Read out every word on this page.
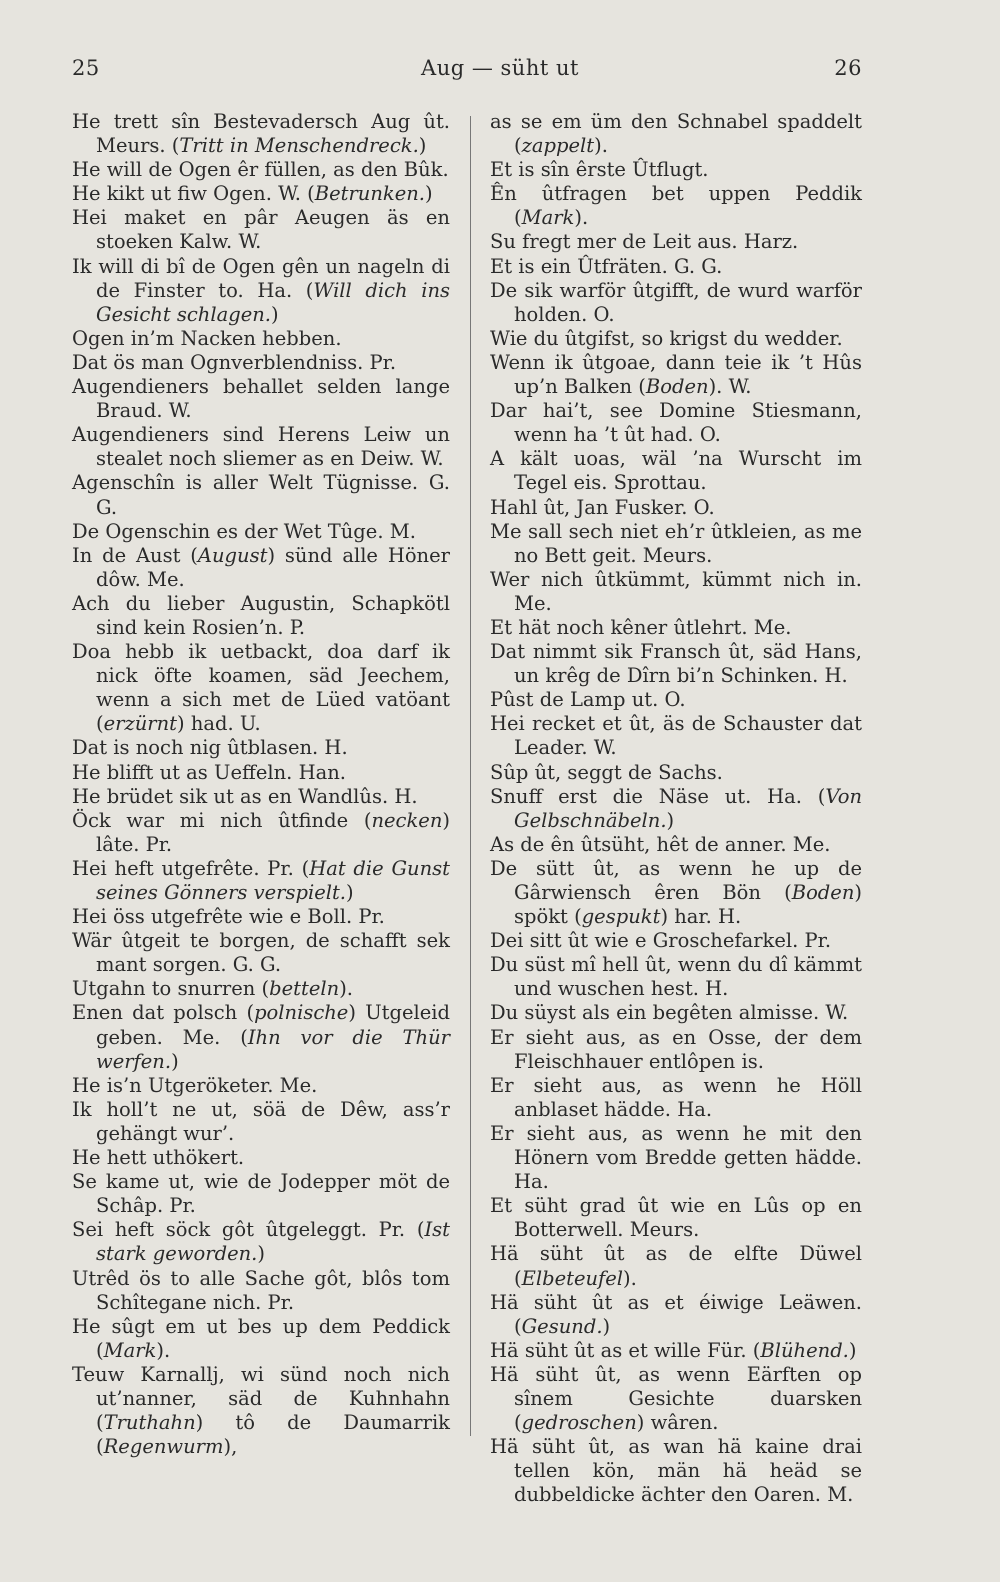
25	Aug — süht ut	26
He trett sîn Bestevadersch Aug ût. Meurs. (Tritt in Menschendreck.)
He will de Ogen êr füllen, as den Bûk.
He kikt ut fiw Ogen. W. (Betrunken.)
Hei maket en pâr Aeugen äs en stoeken Kalw. W.
Ik will di bî de Ogen gên un nageln di de Finster to. Ha. (Will dich ins Gesicht schlagen.)
Ogen in’m Nacken hebben.
Dat ös man Ognverblendniss. Pr.
Augendieners behallet selden lange Braud. W.
Augendieners sind Herens Leiw un stealet noch sliemer as en Deiw. W.
Agenschîn is aller Welt Tügnisse. G. G.
De Ogenschin es der Wet Tûge. M.
In de Aust (August) sünd alle Höner dôw. Me.
Ach du lieber Augustin, Schapkötl sind kein Rosien’n. P.
Doa hebb ik uetbackt, doa darf ik nick öfte koamen, säd Jeechem, wenn a sich met de Lüed vatöant (erzürnt) had. U.
Dat is noch nig ûtblasen. H.
He blifft ut as Ueffeln. Han.
He brüdet sik ut as en Wandlûs. H.
Öck war mi nich ûtfinde (necken) lâte. Pr.
Hei heft utgefrête. Pr. (Hat die Gunst seines Gönners verspielt.)
Hei öss utgefrête wie e Boll. Pr.
Wär ûtgeit te borgen, de schafft sek mant sorgen. G. G.
Utgahn to snurren (betteln).
Enen dat polsch (polnische) Utgeleid geben. Me. (Ihn vor die Thür werfen.)
He is’n Utgeröketer. Me.
Ik holl’t ne ut, söä de Dêw, ass’r gehängt wur’.
He hett uthökert.
Se kame ut, wie de Jodepper möt de Schâp. Pr.
Sei heft söck gôt ûtgeleggt. Pr. (Ist stark geworden.)
Utrêd ös to alle Sache gôt, blôs tom Schîtegane nich. Pr.
He sûgt em ut bes up dem Peddick (Mark).
Teuw Karnallj, wi sünd noch nich ut’nanner, säd de Kuhnhahn (Truthahn) tô de Daumarrik (Regenwurm),
as se em üm den Schnabel spaddelt (zappelt).
Et is sîn êrste Ûtflugt.
Ên ûtfragen bet uppen Peddik (Mark).
Su fregt mer de Leit aus. Harz.
Et is ein Ûtfräten. G. G.
De sik warför ûtgifft, de wurd warför holden. O.
Wie du ûtgifst, so krigst du wedder.
Wenn ik ûtgoae, dann teie ik ’t Hûs up’n Balken (Boden). W.
Dar hai’t, see Domine Stiesmann, wenn ha ’t ût had. O.
A kält uoas, wäl ’na Wurscht im Tegel eis. Sprottau.
Hahl ût, Jan Fusker. O.
Me sall sech niet eh’r ûtkleien, as me no Bett geit. Meurs.
Wer nich ûtkümmt, kümmt nich in. Me.
Et hät noch kêner ûtlehrt. Me.
Dat nimmt sik Fransch ût, säd Hans, un krêg de Dîrn bi’n Schinken. H.
Pûst de Lamp ut. O.
Hei recket et ût, äs de Schauster dat Leader. W.
Sûp ût, seggt de Sachs.
Snuff erst die Näse ut. Ha. (Von Gelbschnäbeln.)
As de ên ûtsüht, hêt de anner. Me.
De sütt ût, as wenn he up de Gârwiensch êren Bön (Boden) spökt (gespukt) har. H.
Dei sitt ût wie e Groschefarkel. Pr.
Du süst mî hell ût, wenn du dî kämmt und wuschen hest. H.
Du süyst als ein begêten almisse. W.
Er sieht aus, as en Osse, der dem Fleischhauer entlôpen is.
Er sieht aus, as wenn he Höll anblaset hädde. Ha.
Er sieht aus, as wenn he mit den Hönern vom Bredde getten hädde. Ha.
Et süht grad ût wie en Lûs op en Botterwell. Meurs.
Hä süht ût as de elfte Düwel (Elbeteufel).
Hä süht ût as et éiwige Leäwen. (Gesund.)
Hä süht ût as et wille Für. (Blühend.)
Hä süht ût, as wenn Eärften op sînem Gesichte duarsken (gedroschen) wâren.
Hä süht ût, as wan hä kaine drai tellen kön, män hä heäd se dubbeldicke ächter den Oaren. M.
